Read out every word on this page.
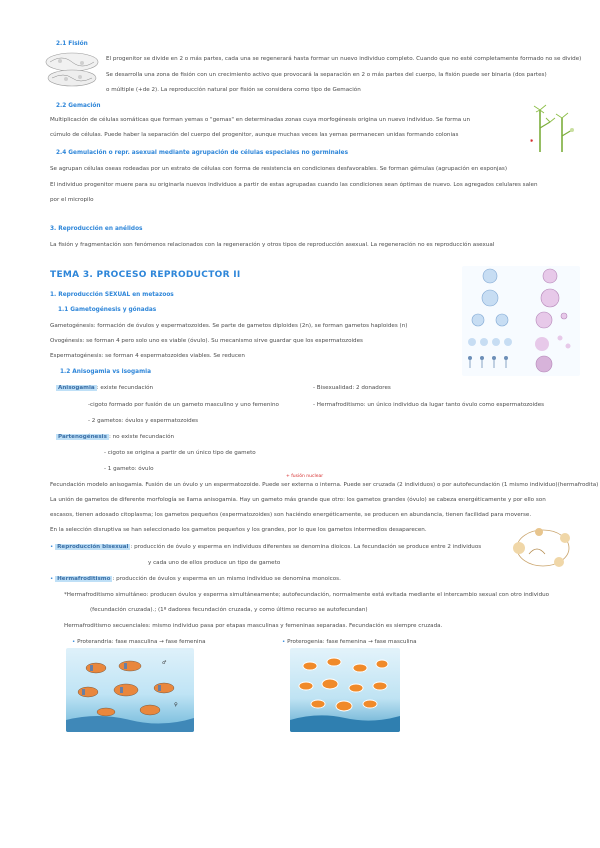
2.1 Fisión
El progenitor se divide en 2 o más partes, cada una se regenerará hasta formar un nuevo individuo completo. Cuando que no esté completamente formado no se divide)
Se desarrolla una zona de fisión con un crecimiento activo que provocará la separación en 2 o más partes del cuerpo, la fisión puede ser binaria (dos partes)
o múltiple (+de 2). La reproducción natural por fisión se considera como tipo de Gemación
✱
2.2 Gemación
Multiplicación de células somáticas que forman yemas o "gemas" en determinadas zonas cuya morfogénesis origina un nuevo individuo. Se forma un
cúmulo de células. Puede haber la separación del cuerpo del progenitor, aunque muchas veces las yemas permanecen unidas formando colonias
2.4 Gemulación o repr. asexual mediante agrupación de células especiales no germinales
Se agrupan células oseas rodeadas por un estrato de células con forma de resistencia en condiciones desfavorables. Se forman gémulas (agrupación en esponjas)
El individuo progenitor muere para su originarla nuevos individuos a partir de estas agrupadas cuando las condiciones sean óptimas de nuevo. Los agregados celulares salen
por el micropilo
3. Reproducción en anélidos
La fisión y fragmentación son fenómenos relacionados con la regeneración y otros tipos de reproducción asexual. La regeneración no es reproducción asexual
TEMA 3. PROCESO REPRODUCTOR II
1. Reproducción SEXUAL en metazoos
1.1 Gametogénesis y gónadas
Gametogénesis: formación de óvulos y espermatozoides. Se parte de gametos diploides (2n), se forman gametos haploides (n)
Ovogénesis: se forman 4 pero solo uno es viable (óvulo). Su mecanismo sirve guardar que los espermatozoides
Espermatogénesis: se forman 4 espermatozoides viables. Se reducen
1.2 Anisogamia vs isogamia
Anisogamia : existe fecundación
-cigoto formado por fusión de un gameto masculino y uno femenino
- 2 gametos: óvulos y espermatozoides
- Bisexualidad: 2 donadores
- Hermafroditismo: un único individuo da lugar tanto óvulo como espermatozoides
Partenogénesis : no existe fecundación
- cigoto se origina a partir de un único tipo de gameto
- 1 gameto: óvulo
+ fusión nuclear
Fecundación modelo anisogamia. Fusión de un óvulo y un espermatozoide. Puede ser externa o interna. Puede ser cruzada (2 individuos) o por autofecundación (1 mismo individuo)(hermafrodita)
La unión de gametos de diferente morfología se llama anisogamia. Hay un gameto más grande que otro: los gametos grandes (óvulo) se cabeza energéticamente y por ello son
escasos, tienen adosado citoplasma; los gametos pequeños (espermatozoides) son haciéndo energéticamente, se producen en abundancia, tienen facilidad para moverse.
En la selección disruptiva se han seleccionado los gametos pequeños y los grandes, por lo que los gametos intermedios desaparecen.
• Reproducción bisexual : producción de óvulo y esperma en individuos diferentes se denomina dioicos. La fecundación se produce entre 2 individuos
y cada uno de ellos produce un tipo de gameto
• Hermafroditismo : producción de óvulos y esperma en un mismo individuo se denomina monoicos.
*Hermafroditismo simultáneo: producen óvulos y esperma simultáneamente; autofecundación, normalmente está evitada mediante el intercambio sexual con otro individuo
(fecundación cruzada).; (1º dadores fecundación cruzada, y como último recurso se autofecundan)
Hermafroditismo secuenciales: mismo individuo pasa por etapas masculinas y femeninas separadas. Fecundación es siempre cruzada.
• Proterandria: fase masculina → fase femenina	• Proterogenia: fase femenina → fase masculina
♂
♀
